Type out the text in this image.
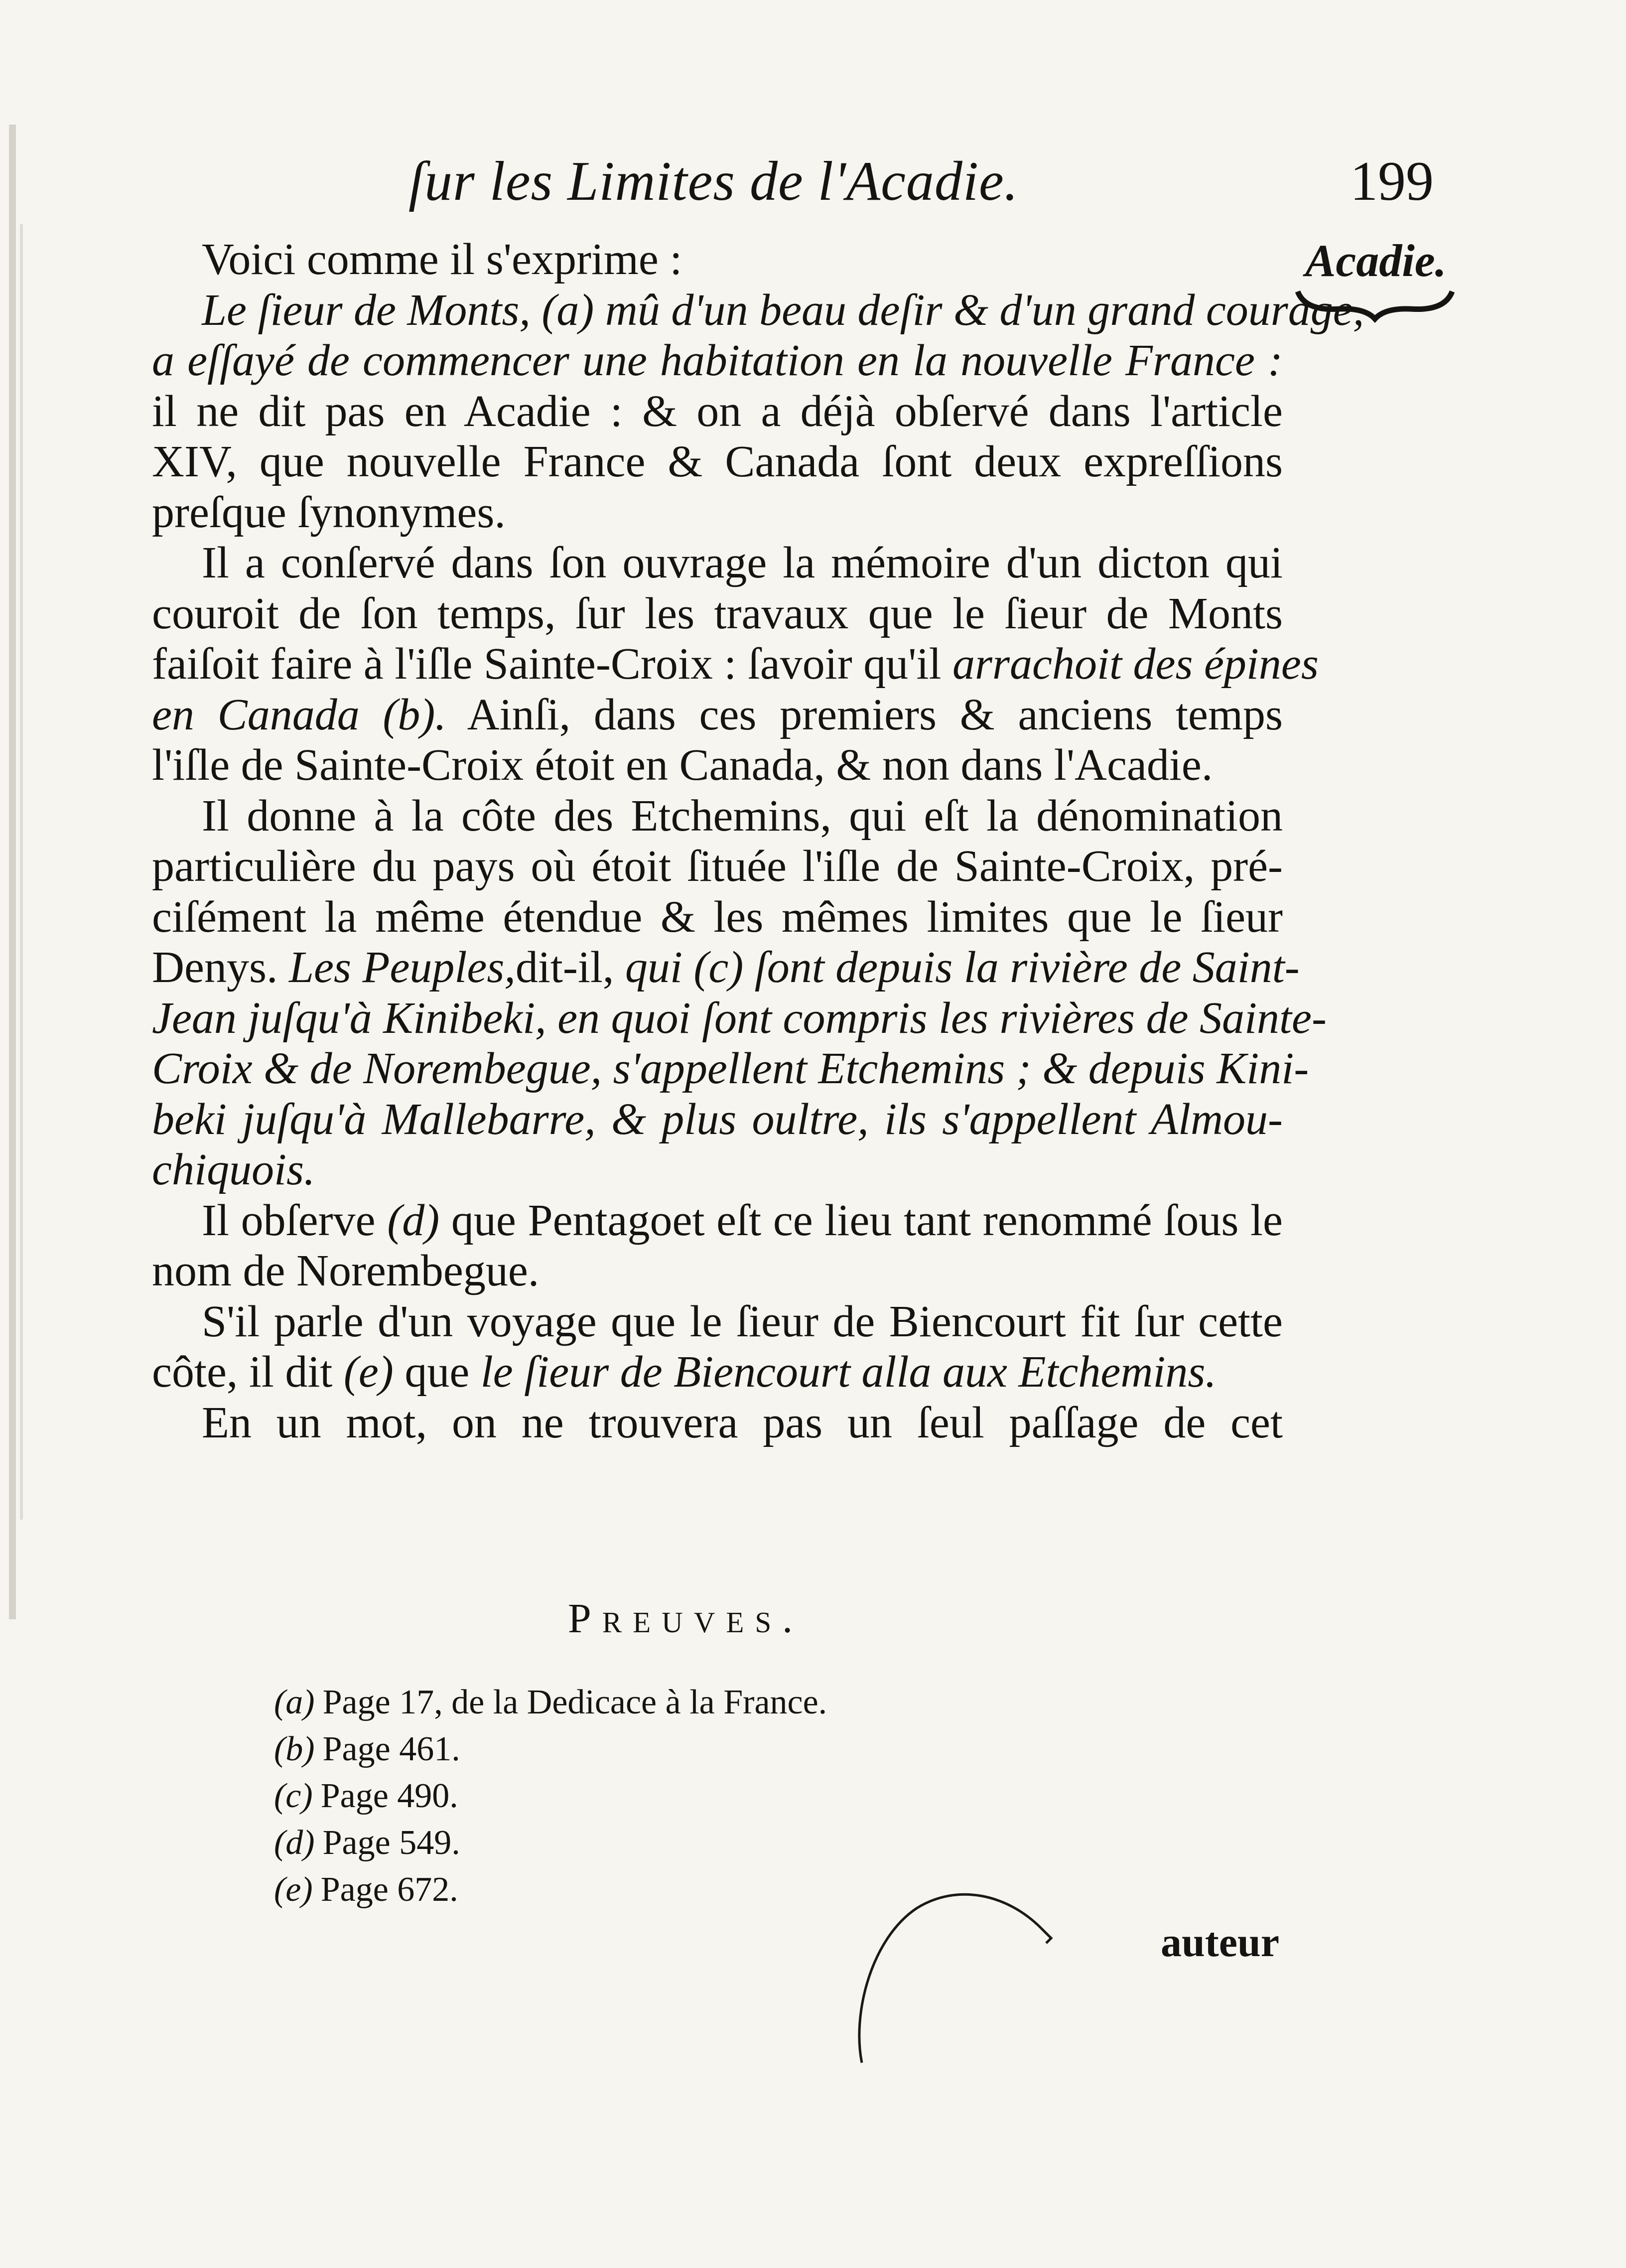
ſur les Limites de l'Acadie.	199
Acadie.
Voici comme il s'exprime :
Le ſieur de Monts, (a) mû d'un beau deſir & d'un grand courage,
a eſſayé de commencer une habitation en la nouvelle France :
il ne dit pas en Acadie : & on a déjà obſervé dans l'article
XIV, que nouvelle France & Canada ſont deux expreſſions
preſque ſynonymes.
Il a conſervé dans ſon ouvrage la mémoire d'un dicton qui
couroit de ſon temps, ſur les travaux que le ſieur de Monts
faiſoit faire à l'iſle Sainte-Croix : ſavoir qu'il arrachoit des épines
en Canada (b). Ainſi, dans ces premiers & anciens temps
l'iſle de Sainte-Croix étoit en Canada, & non dans l'Acadie.
Il donne à la côte des Etchemins, qui eſt la dénomination
particulière du pays où étoit ſituée l'iſle de Sainte-Croix, pré-
ciſément la même étendue & les mêmes limites que le ſieur
Denys. Les Peuples,dit-il, qui (c) ſont depuis la rivière de Saint-
Jean juſqu'à Kinibeki, en quoi ſont compris les rivières de Sainte-
Croix & de Norembegue, s'appellent Etchemins ; & depuis Kini-
beki juſqu'à Mallebarre, & plus oultre, ils s'appellent Almou-
chiquois.
Il obſerve (d) que Pentagoet eſt ce lieu tant renommé ſous le
nom de Norembegue.
S'il parle d'un voyage que le ſieur de Biencourt fit ſur cette
côte, il dit (e) que le ſieur de Biencourt alla aux Etchemins.
En un mot, on ne trouvera pas un ſeul paſſage de cet
Preuves.
(a) Page 17, de la Dedicace à la France.
(b) Page 461.
(c) Page 490.
(d) Page 549.
(e) Page 672.
auteur
